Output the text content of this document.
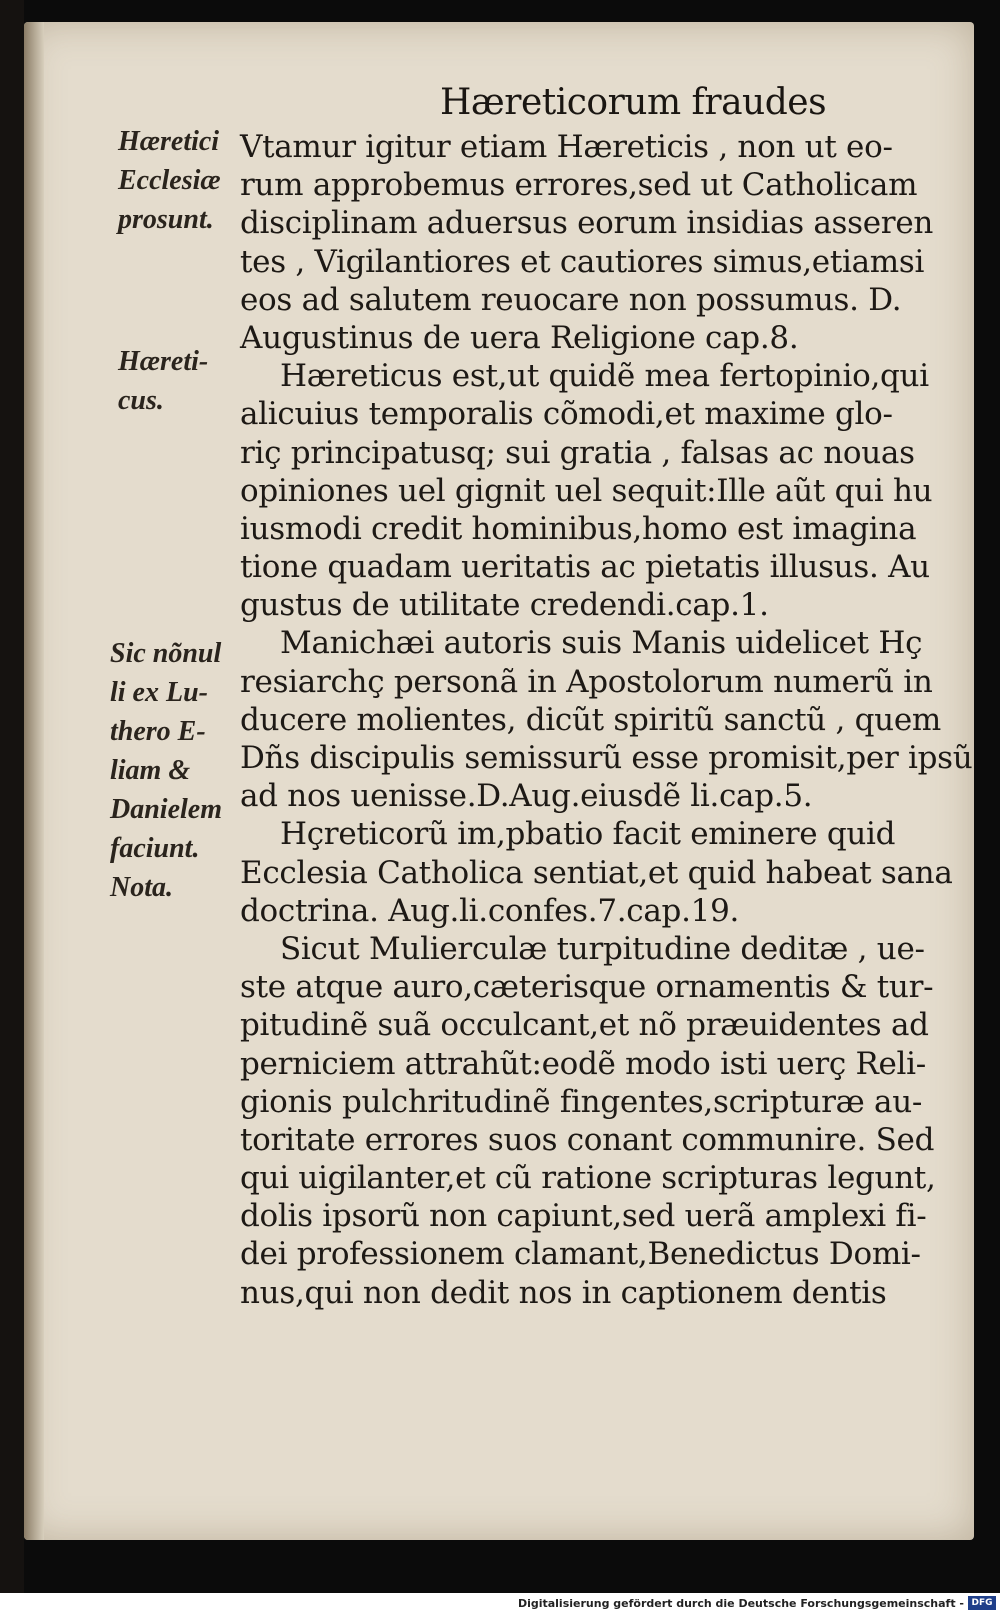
Hæreticorum fraudes
Hæretici
Ecclesiæ
prosunt.
Hæreti-
cus.
Sic nõnul
li ex Lu-
thero E-
liam &
Danielem
faciunt.
Nota.
Vtamur igitur etiam Hæreticis , non ut eo-
rum approbemus errores,sed ut Catholicam
disciplinam aduersus eorum insidias asseren
tes , Vigilantiores et cautiores simus,etiamsi
eos ad salutem reuocare non possumus. D.
Augustinus de uera Religione cap.8.
Hæreticus est,ut quidẽ mea fertopinio,qui
alicuius temporalis cõmodi,et maxime glo-
riç principatusq; sui gratia , falsas ac nouas
opiniones uel gignit uel sequit:Ille aũt qui hu
iusmodi credit hominibus,homo est imagina
tione quadam ueritatis ac pietatis illusus. Au
gustus de utilitate credendi.cap.1.
Manichæi autoris suis Manis uidelicet Hç
resiarchç personã in Apostolorum numerũ in
ducere molientes, dicũt spiritũ sanctũ , quem
Dñs discipulis semissurũ esse promisit,per ipsũ
ad nos uenisse.D.Aug.eiusdẽ li.cap.5.
Hçreticorũ im,pbatio facit eminere quid
Ecclesia Catholica sentiat,et quid habeat sana
doctrina. Aug.li.confes.7.cap.19.
Sicut Mulierculæ turpitudine deditæ , ue-
ste atque auro,cæterisque ornamentis & tur-
pitudinẽ suã occulcant,et nõ præuidentes ad
perniciem attrahũt:eodẽ modo isti uerç Reli-
gionis pulchritudinẽ fingentes,scripturæ au-
toritate errores suos conant communire. Sed
qui uigilanter,et cũ ratione scripturas legunt,
dolis ipsorũ non capiunt,sed uerã amplexi fi-
dei professionem clamant,Benedictus Domi-
nus,qui non dedit nos in captionem dentis
Digitalisierung gefördert durch die Deutsche Forschungsgemeinschaft - DFG
